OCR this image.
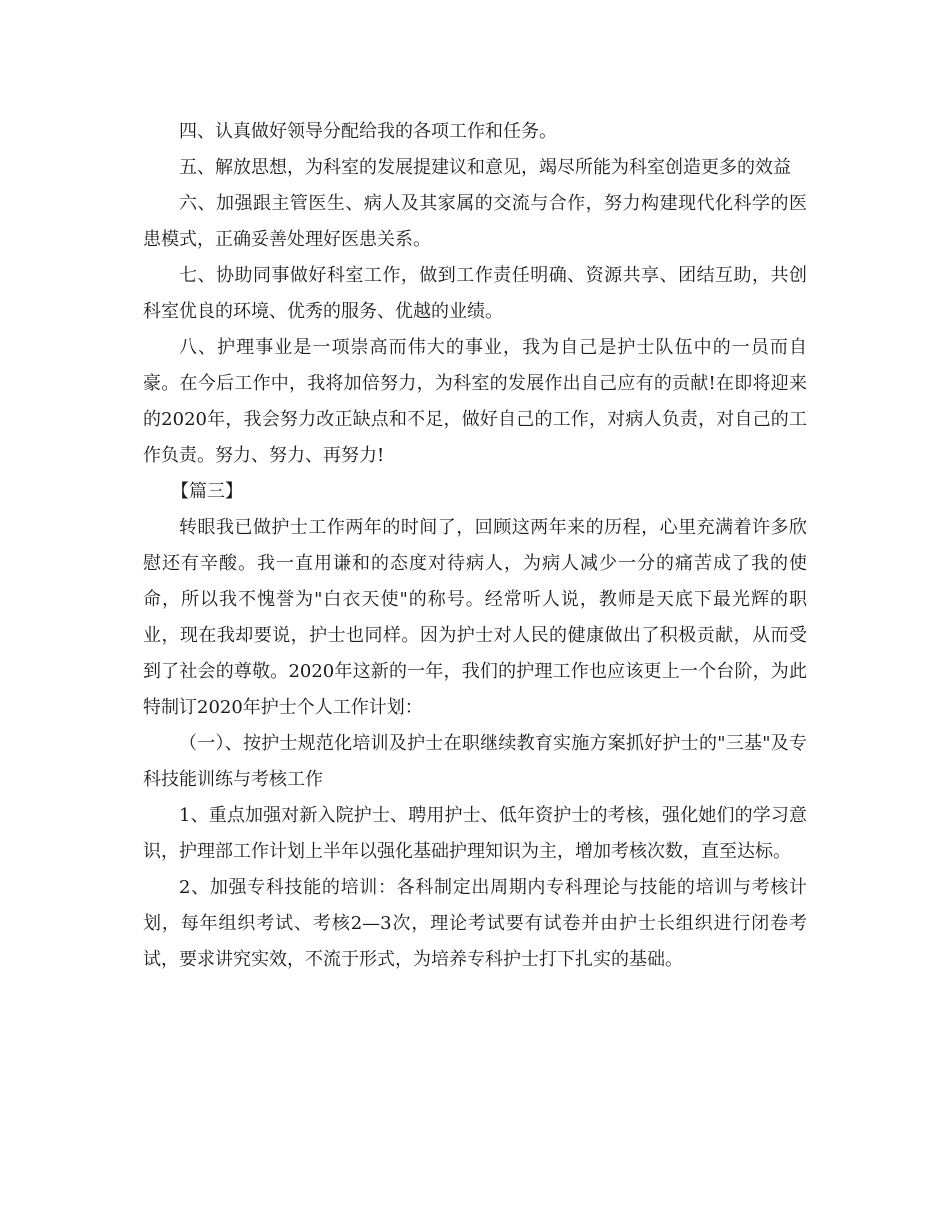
四、认真做好领导分配给我的各项工作和任务。

五、解放思想，为科室的发展提建议和意见，竭尽所能为科室创造更多的效益

六、加强跟主管医生、病人及其家属的交流与合作，努力构建现代化科学的医患模式，正确妥善处理好医患关系。

七、协助同事做好科室工作，做到工作责任明确、资源共享、团结互助，共创科室优良的环境、优秀的服务、优越的业绩。

八、护理事业是一项崇高而伟大的事业，我为自己是护士队伍中的一员而自豪。在今后工作中，我将加倍努力，为科室的发展作出自己应有的贡献!在即将迎来的2020年，我会努力改正缺点和不足，做好自己的工作，对病人负责，对自己的工作负责。努力、努力、再努力!

【篇三】

转眼我已做护士工作两年的时间了，回顾这两年来的历程，心里充满着许多欣慰还有辛酸。我一直用谦和的态度对待病人，为病人减少一分的痛苦成了我的使命，所以我不愧誉为"白衣天使"的称号。经常听人说，教师是天底下最光辉的职业，现在我却要说，护士也同样。因为护士对人民的健康做出了积极贡献，从而受到了社会的尊敬。2020年这新的一年，我们的护理工作也应该更上一个台阶，为此特制订2020年护士个人工作计划：

（一）、按护士规范化培训及护士在职继续教育实施方案抓好护士的"三基"及专科技能训练与考核工作

1、重点加强对新入院护士、聘用护士、低年资护士的考核，强化她们的学习意识，护理部工作计划上半年以强化基础护理知识为主，增加考核次数，直至达标。

2、加强专科技能的培训：各科制定出周期内专科理论与技能的培训与考核计划，每年组织考试、考核2—3次，理论考试要有试卷并由护士长组织进行闭卷考试，要求讲究实效，不流于形式，为培养专科护士打下扎实的基础。
